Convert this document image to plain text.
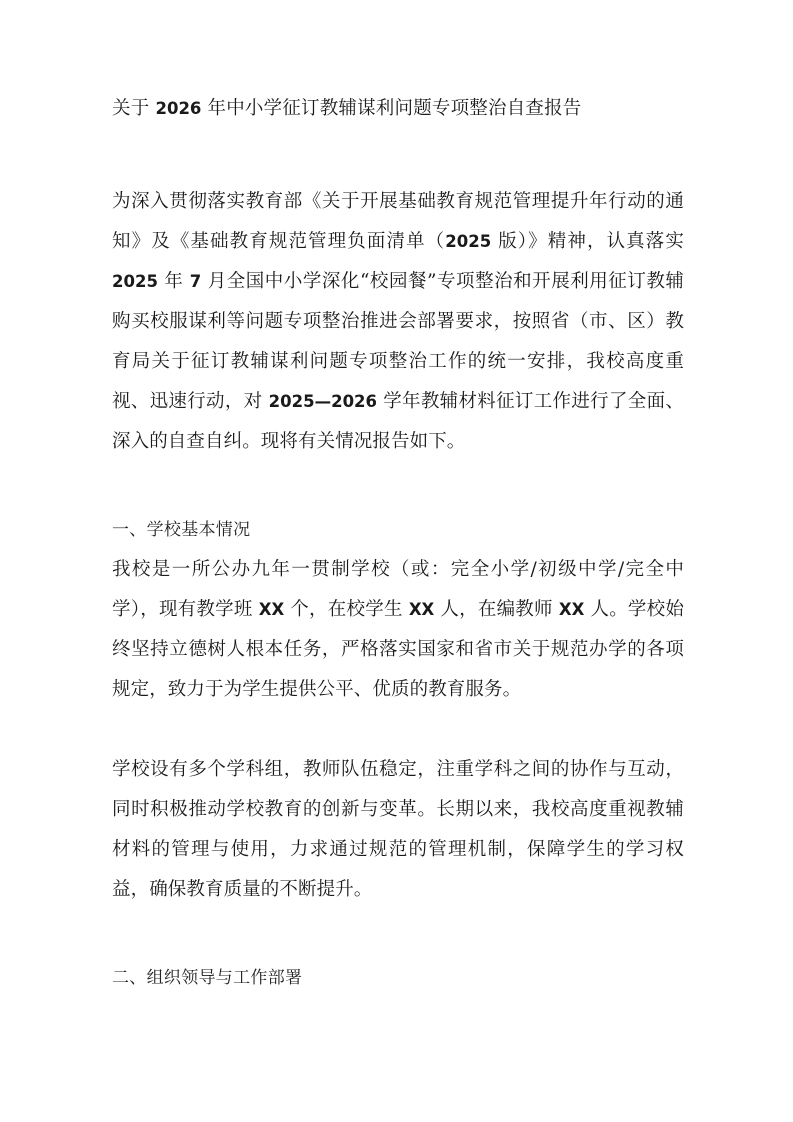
关于 2026 年中小学征订教辅谋利问题专项整治自查报告

为深入贯彻落实教育部《关于开展基础教育规范管理提升年行动的通知》及《基础教育规范管理负面清单（2025 版）》精神，认真落实 2025 年 7 月全国中小学深化“校园餐”专项整治和开展利用征订教辅购买校服谋利等问题专项整治推进会部署要求，按照省（市、区）教育局关于征订教辅谋利问题专项整治工作的统一安排，我校高度重视、迅速行动，对 2025—2026 学年教辅材料征订工作进行了全面、深入的自查自纠。现将有关情况报告如下。

一、学校基本情况

我校是一所公办九年一贯制学校（或：完全小学/初级中学/完全中学），现有教学班 XX 个，在校学生 XX 人，在编教师 XX 人。学校始终坚持立德树人根本任务，严格落实国家和省市关于规范办学的各项规定，致力于为学生提供公平、优质的教育服务。

学校设有多个学科组，教师队伍稳定，注重学科之间的协作与互动，同时积极推动学校教育的创新与变革。长期以来，我校高度重视教辅材料的管理与使用，力求通过规范的管理机制，保障学生的学习权益，确保教育质量的不断提升。

二、组织领导与工作部署
